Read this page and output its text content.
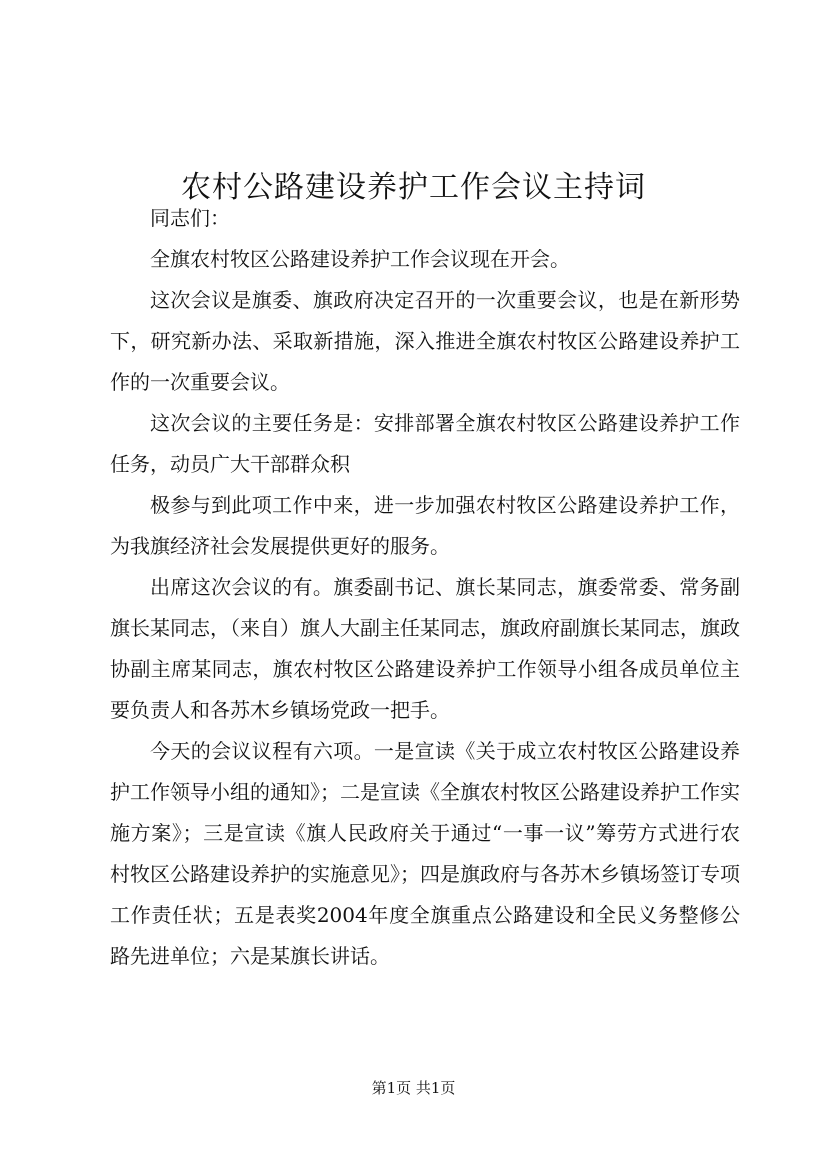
农村公路建设养护工作会议主持词

同志们：

全旗农村牧区公路建设养护工作会议现在开会。

这次会议是旗委、旗政府决定召开的一次重要会议，也是在新形势下，研究新办法、采取新措施，深入推进全旗农村牧区公路建设养护工作的一次重要会议。

这次会议的主要任务是：安排部署全旗农村牧区公路建设养护工作任务，动员广大干部群众积

极参与到此项工作中来，进一步加强农村牧区公路建设养护工作，为我旗经济社会发展提供更好的服务。

出席这次会议的有。旗委副书记、旗长某同志，旗委常委、常务副旗长某同志，（来自）旗人大副主任某同志，旗政府副旗长某同志，旗政协副主席某同志，旗农村牧区公路建设养护工作领导小组各成员单位主要负责人和各苏木乡镇场党政一把手。

今天的会议议程有六项。一是宣读《关于成立农村牧区公路建设养护工作领导小组的通知》；二是宣读《全旗农村牧区公路建设养护工作实施方案》；三是宣读《旗人民政府关于通过“一事一议”筹劳方式进行农村牧区公路建设养护的实施意见》；四是旗政府与各苏木乡镇场签订专项工作责任状；五是表奖2004年度全旗重点公路建设和全民义务整修公路先进单位；六是某旗长讲话。

第1页 共1页
